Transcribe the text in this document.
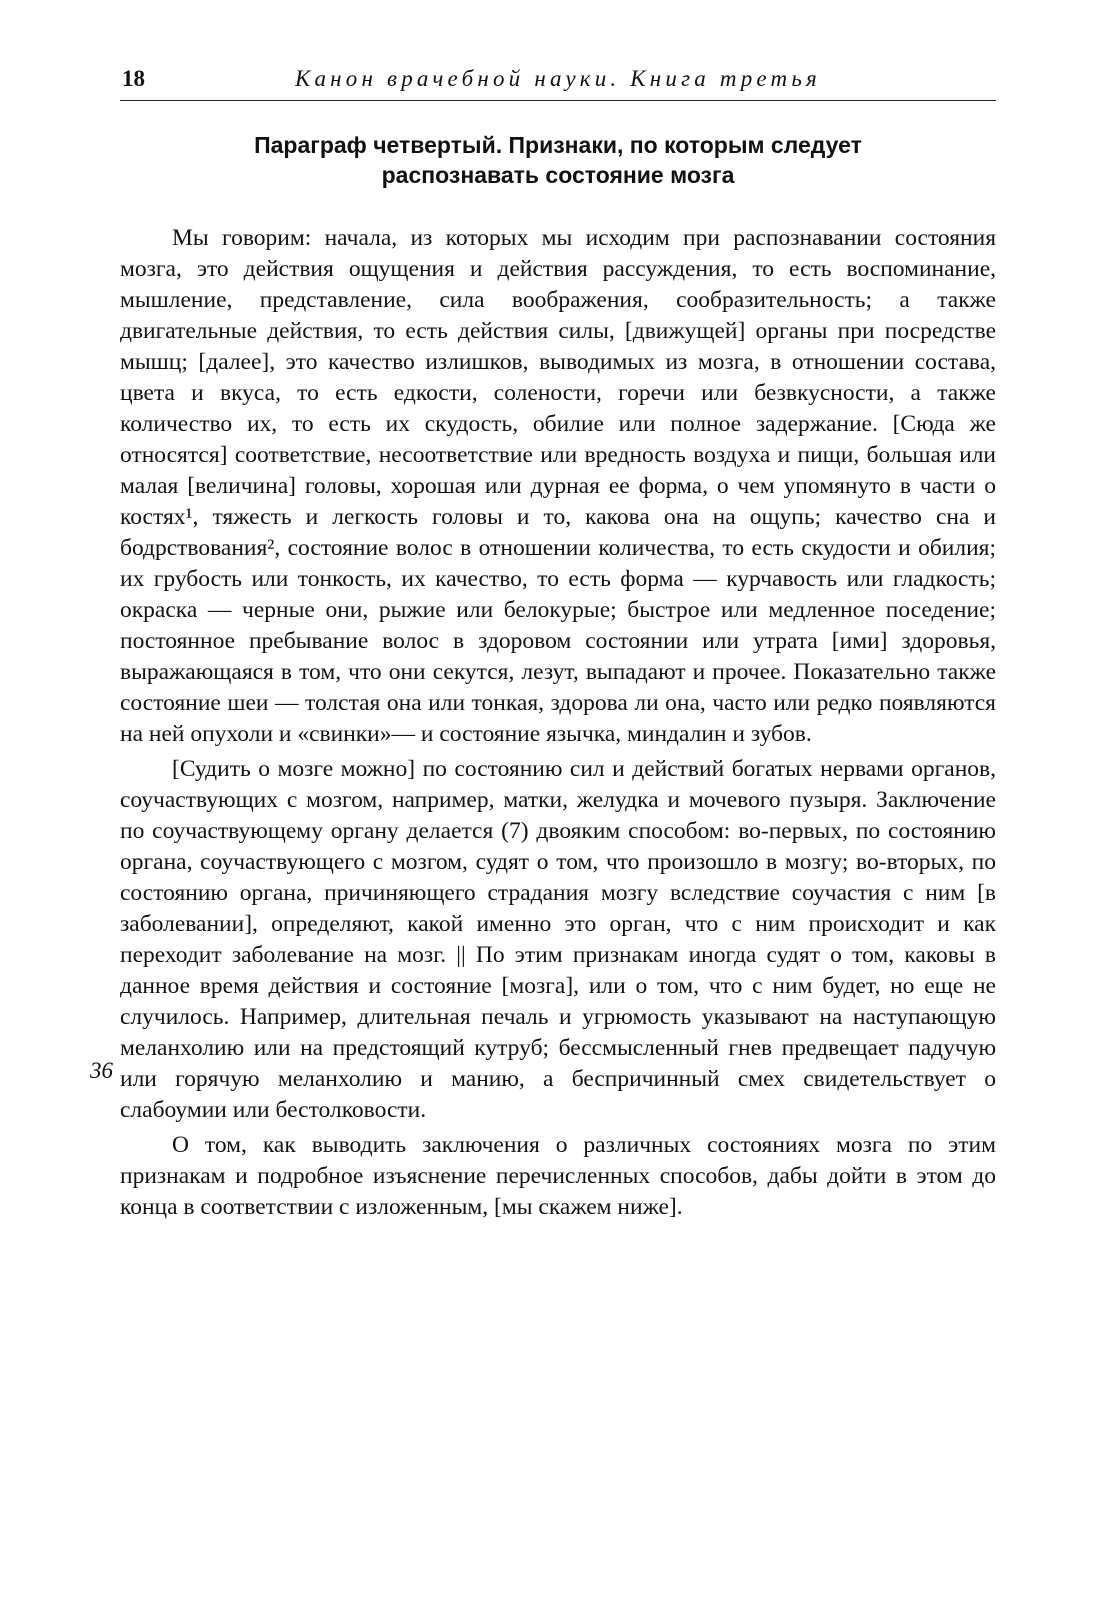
18	Канон врачебной науки. Книга третья
Параграф четвертый. Признаки, по которым следует
распознавать состояние мозга

Мы говорим: начала, из которых мы исходим при распознавании состояния мозга, это действия ощущения и действия рассуждения, то есть воспоминание, мышление, представление, сила воображения, сообразительность; а также двигательные действия, то есть действия силы, [движущей] органы при посредстве мышц; [далее], это качество излишков, выводимых из мозга, в отношении состава, цвета и вкуса, то есть едкости, солености, горечи или безвкусности, а также количество их, то есть их скудость, обилие или полное задержание. [Сюда же относятся] соответствие, несоответствие или вредность воздуха и пищи, большая или малая [величина] головы, хорошая или дурная ее форма, о чем упомянуто в части о костях¹, тяжесть и легкость головы и то, какова она на ощупь; качество сна и бодрствования², состояние волос в отношении количества, то есть скудости и обилия; их грубость или тонкость, их качество, то есть форма — курчавость или гладкость; окраска — черные они, рыжие или белокурые; быстрое или медленное поседение; постоянное пребывание волос в здоровом состоянии или утрата [ими] здоровья, выражающаяся в том, что они секутся, лезут, выпадают и прочее. Показательно также состояние шеи — толстая она или тонкая, здорова ли она, часто или редко появляются на ней опухоли и «свинки»— и состояние язычка, миндалин и зубов.

[Судить о мозге можно] по состоянию сил и действий богатых нервами органов, соучаствующих с мозгом, например, матки, желудка и мочевого пузыря. Заключение по соучаствующему органу делается (7) двояким способом: во-первых, по состоянию органа, соучаствующего с мозгом, судят о том, что произошло в мозгу; во-вторых, по состоянию органа, причиняющего страдания мозгу вследствие соучастия с ним [в заболевании], определяют, какой именно это орган, что с ним происходит и как переходит заболевание на мозг. || По этим признакам иногда судят о том, каковы в данное время действия и состояние [мозга], или о том, что с ним будет, но еще не случилось. Например, длительная печаль и угрюмость указывают на наступающую меланхолию или на предстоящий кутруб; бессмысленный гнев предвещает падучую или горячую меланхолию и манию, а беспричинный смех свидетельствует о слабоумии или бестолковости.

О том, как выводить заключения о различных состояниях мозга по этим признакам и подробное изъяснение перечисленных способов, дабы дойти в этом до конца в соответствии с изложенным, [мы скажем ниже].

36
